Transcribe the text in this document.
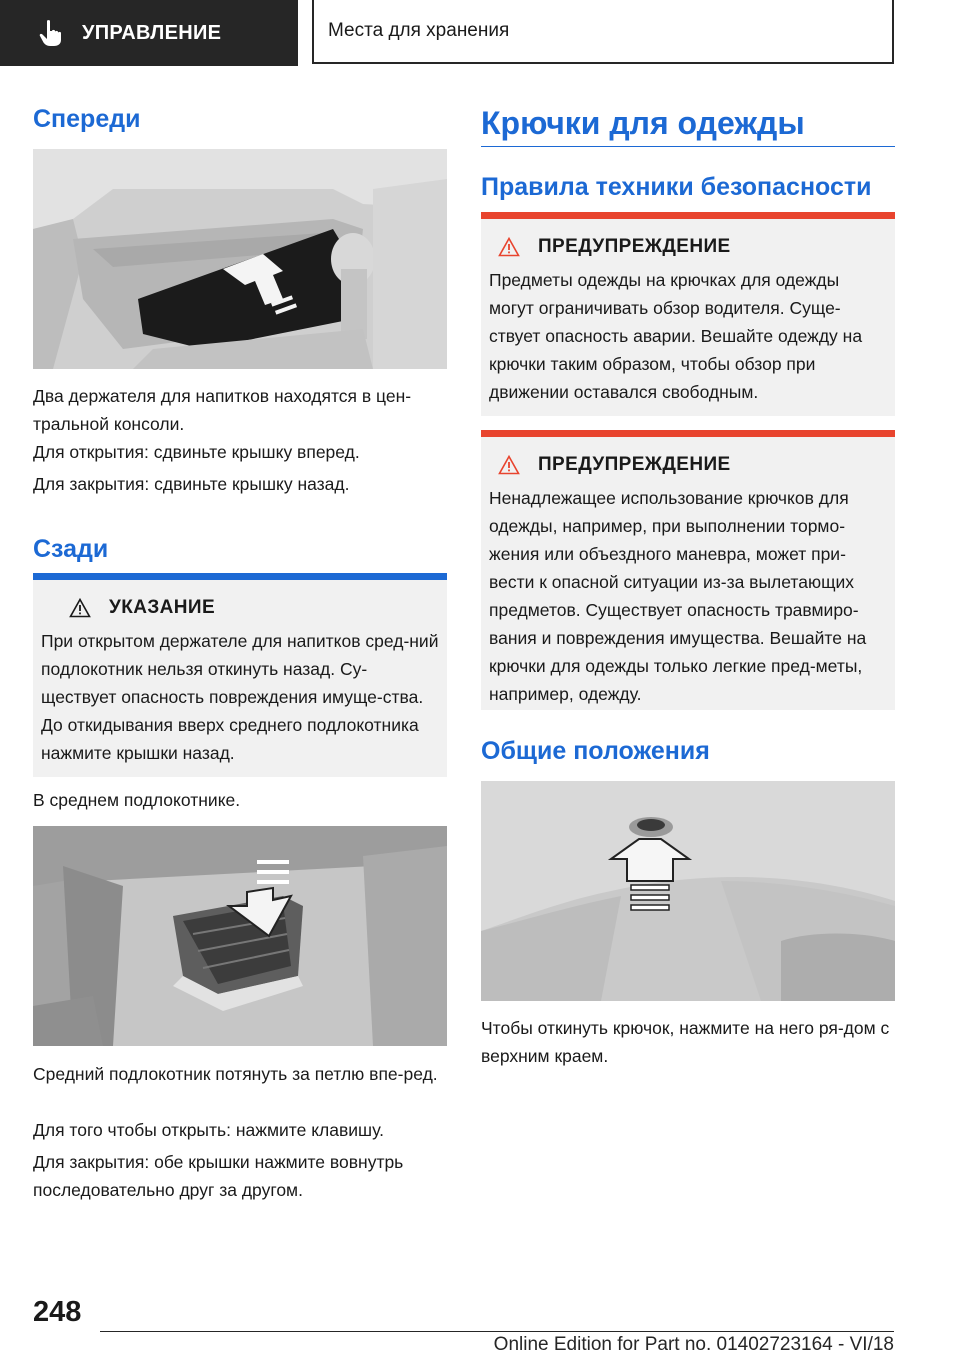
УПРАВЛЕНИЕ	Места для хранения
Спереди

Два держателя для напитков находятся в цен-тральной консоли.

Для открытия: сдвиньте крышку вперед.

Для закрытия: сдвиньте крышку назад.

Сзади
УКАЗАНИЕ

При открытом держателе для напитков сред-ний подлокотник нельзя откинуть назад. Су-ществует опасность повреждения имуще-ства. До откидывания вверх среднего подлокотника нажмите крышки назад.

В среднем подлокотнике.

Средний подлокотник потянуть за петлю впе-ред.

Для того чтобы открыть: нажмите клавишу.

Для закрытия: обе крышки нажмите вовнутрь последовательно друг за другом.

Крючки для одежды
Правила техники безопасности
ПРЕДУПРЕЖДЕНИЕ

Предметы одежды на крючках для одежды могут ограничивать обзор водителя. Суще-ствует опасность аварии. Вешайте одежду на крючки таким образом, чтобы обзор при движении оставался свободным.

ПРЕДУПРЕЖДЕНИЕ

Ненадлежащее использование крючков для одежды, например, при выполнении тормо-жения или объездного маневра, может при-вести к опасной ситуации из-за вылетающих предметов. Существует опасность травмиро-вания и повреждения имущества. Вешайте на крючки для одежды только легкие пред-меты, например, одежду.

Общие положения

Чтобы откинуть крючок, нажмите на него ря-дом с верхним краем.

248
Online Edition for Part no. 01402723164 - VI/18
